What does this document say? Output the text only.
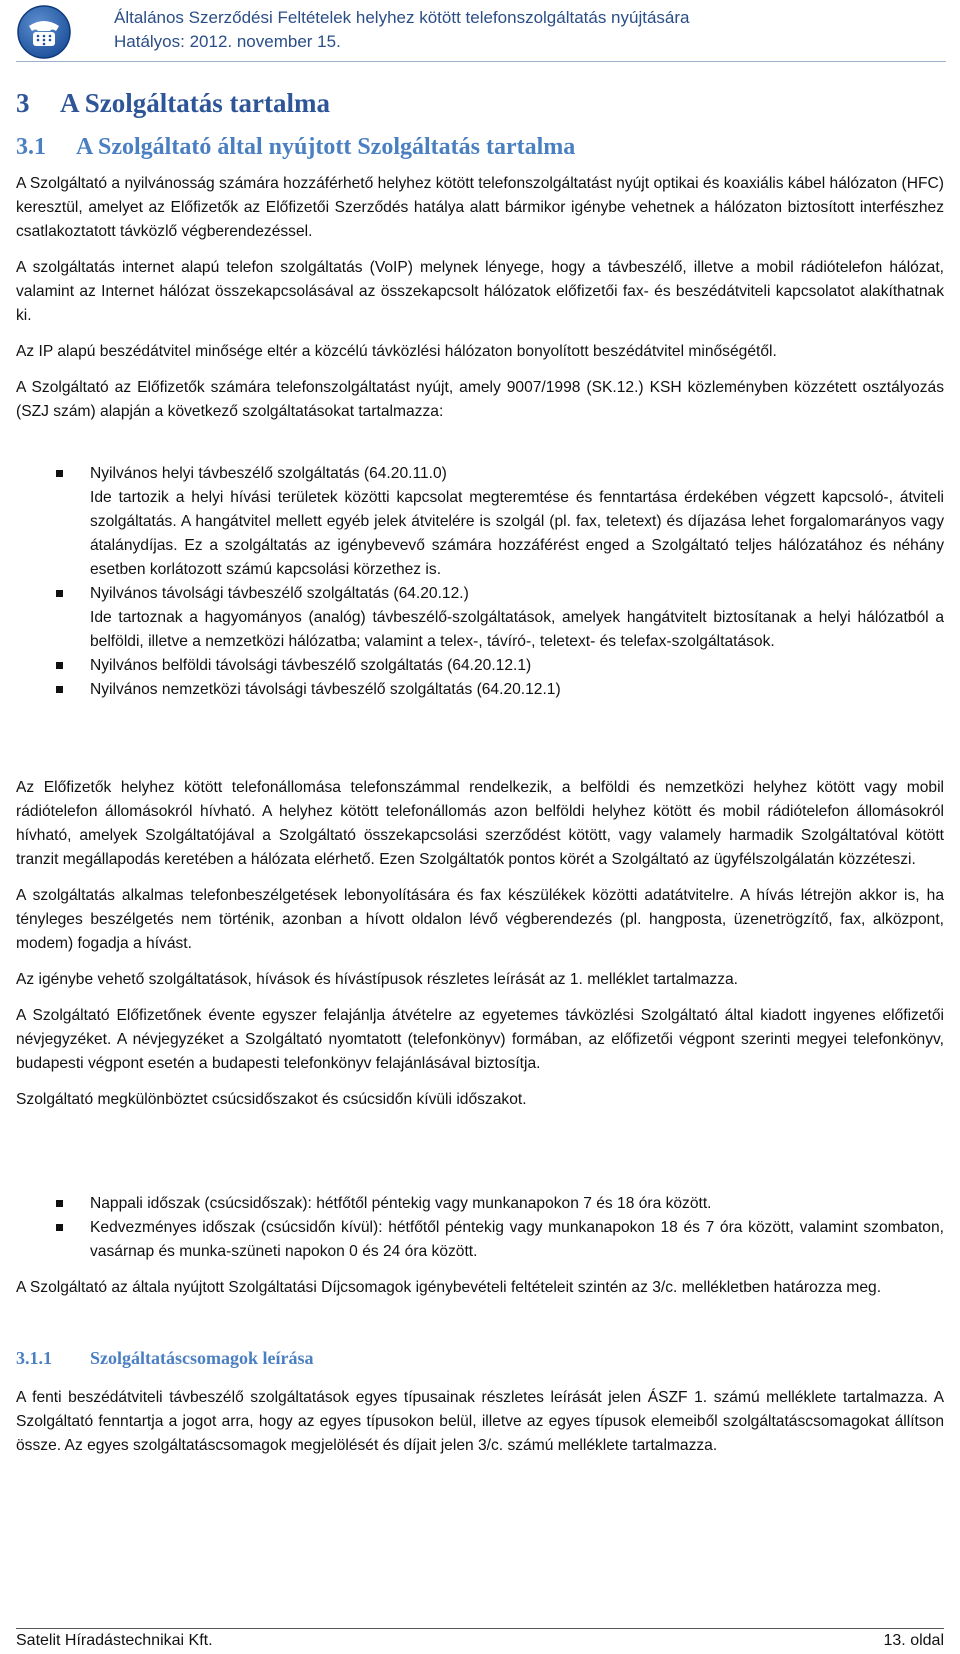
Általános Szerződési Feltételek helyhez kötött telefonszolgáltatás nyújtására
Hatályos: 2012. november 15.
3 A Szolgáltatás tartalma
3.1 A Szolgáltató által nyújtott Szolgáltatás tartalma

A Szolgáltató a nyilvánosság számára hozzáférhető helyhez kötött telefonszolgáltatást nyújt optikai és koaxiális kábel hálózaton (HFC) keresztül, amelyet az Előfizetők az Előfizetői Szerződés hatálya alatt bármikor igénybe vehetnek a hálózaton biztosított interfészhez csatlakoztatott távközlő végberendezéssel.

A szolgáltatás internet alapú telefon szolgáltatás (VoIP) melynek lényege, hogy a távbeszélő, illetve a mobil rádiótelefon hálózat, valamint az Internet hálózat összekapcsolásával az összekapcsolt hálózatok előfizetői fax- és beszédátviteli kapcsolatot alakíthatnak ki.

Az IP alapú beszédátvitel minősége eltér a közcélú távközlési hálózaton bonyolított beszédátvitel minőségétől.

A Szolgáltató az Előfizetők számára telefonszolgáltatást nyújt, amely 9007/1998 (SK.12.) KSH közleményben közzétett osztályozás (SZJ szám) alapján a következő szolgáltatásokat tartalmazza:

Nyilvános helyi távbeszélő szolgáltatás (64.20.11.0)
Ide tartozik a helyi hívási területek közötti kapcsolat megteremtése és fenntartása érdekében végzett kapcsoló-, átviteli szolgáltatás. A hangátvitel mellett egyéb jelek átvitelére is szolgál (pl. fax, teletext) és díjazása lehet forgalomarányos vagy átalánydíjas. Ez a szolgáltatás az igénybevevő számára hozzáférést enged a Szolgáltató teljes hálózatához és néhány esetben korlátozott számú kapcsolási körzethez is.
Nyilvános távolsági távbeszélő szolgáltatás (64.20.12.)
Ide tartoznak a hagyományos (analóg) távbeszélő-szolgáltatások, amelyek hangátvitelt biztosítanak a helyi hálózatból a belföldi, illetve a nemzetközi hálózatba; valamint a telex-, távíró-, teletext- és telefax-szolgáltatások.
Nyilvános belföldi távolsági távbeszélő szolgáltatás (64.20.12.1)
Nyilvános nemzetközi távolsági távbeszélő szolgáltatás (64.20.12.1)

Az Előfizetők helyhez kötött telefonállomása telefonszámmal rendelkezik, a belföldi és nemzetközi helyhez kötött vagy mobil rádiótelefon állomásokról hívható. A helyhez kötött telefonállomás azon belföldi helyhez kötött és mobil rádiótelefon állomásokról hívható, amelyek Szolgáltatójával a Szolgáltató összekapcsolási szerződést kötött, vagy valamely harmadik Szolgáltatóval kötött tranzit megállapodás keretében a hálózata elérhető. Ezen Szolgáltatók pontos körét a Szolgáltató az ügyfélszolgálatán közzéteszi.

A szolgáltatás alkalmas telefonbeszélgetések lebonyolítására és fax készülékek közötti adatátvitelre. A hívás létrejön akkor is, ha tényleges beszélgetés nem történik, azonban a hívott oldalon lévő végberendezés (pl. hangposta, üzenetrögzítő, fax, alközpont, modem) fogadja a hívást.

Az igénybe vehető szolgáltatások, hívások és hívástípusok részletes leírását az 1. melléklet tartalmazza.

A Szolgáltató Előfizetőnek évente egyszer felajánlja átvételre az egyetemes távközlési Szolgáltató által kiadott ingyenes előfizetői névjegyzéket. A névjegyzéket a Szolgáltató nyomtatott (telefonkönyv) formában, az előfizetői végpont szerinti megyei telefonkönyv, budapesti végpont esetén a budapesti telefonkönyv felajánlásával biztosítja.

Szolgáltató megkülönböztet csúcsidőszakot és csúcsidőn kívüli időszakot.

Nappali időszak (csúcsidőszak): hétfőtől péntekig vagy munkanapokon 7 és 18 óra között.
Kedvezményes időszak (csúcsidőn kívül): hétfőtől péntekig vagy munkanapokon 18 és 7 óra között, valamint szombaton, vasárnap és munka-szüneti napokon 0 és 24 óra között.

A Szolgáltató az általa nyújtott Szolgáltatási Díjcsomagok igénybevételi feltételeit szintén az 3/c. mellékletben határozza meg.

3.1.1 Szolgáltatáscsomagok leírása

A fenti beszédátviteli távbeszélő szolgáltatások egyes típusainak részletes leírását jelen ÁSZF 1. számú melléklete tartalmazza. A Szolgáltató fenntartja a jogot arra, hogy az egyes típusokon belül, illetve az egyes típusok elemeiből szolgáltatáscsomagokat állítson össze. Az egyes szolgáltatáscsomagok megjelölését és díjait jelen 3/c. számú melléklete tartalmazza.

Satelit Híradástechnikai Kft.	13. oldal
